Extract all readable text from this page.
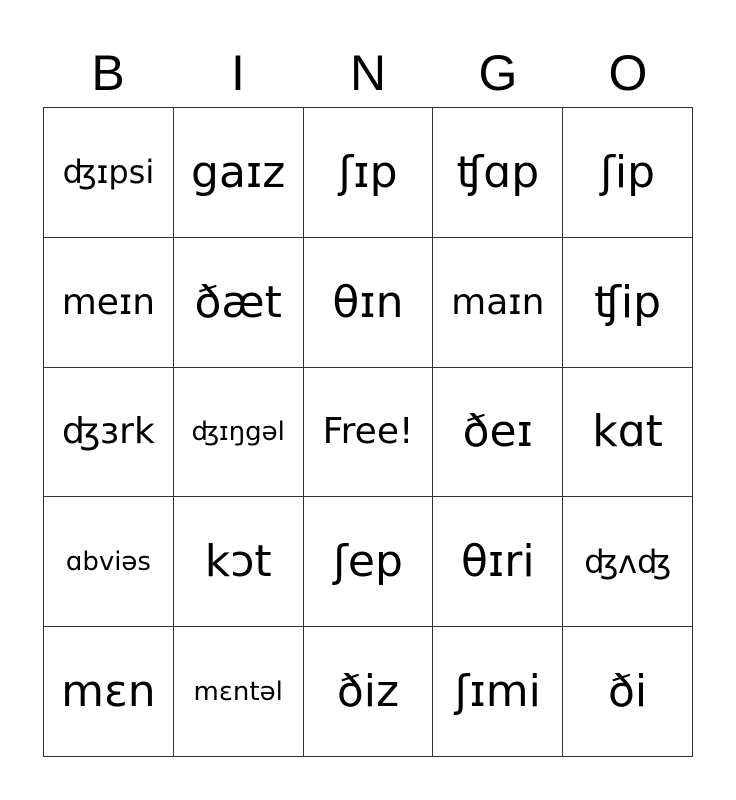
B	I	N	G	O
ʤɪpsi gaɪz ʃɪp ʧɑp ʃip
meɪn ðæt θɪn maɪn ʧip
ʤɜrk ʤɪŋgəl Free! ðeɪ kɑt
ɑbviəs kɔt ʃep θɪri ʤʌʤ
mɛn mɛntəl ðiz ʃɪmi ði
